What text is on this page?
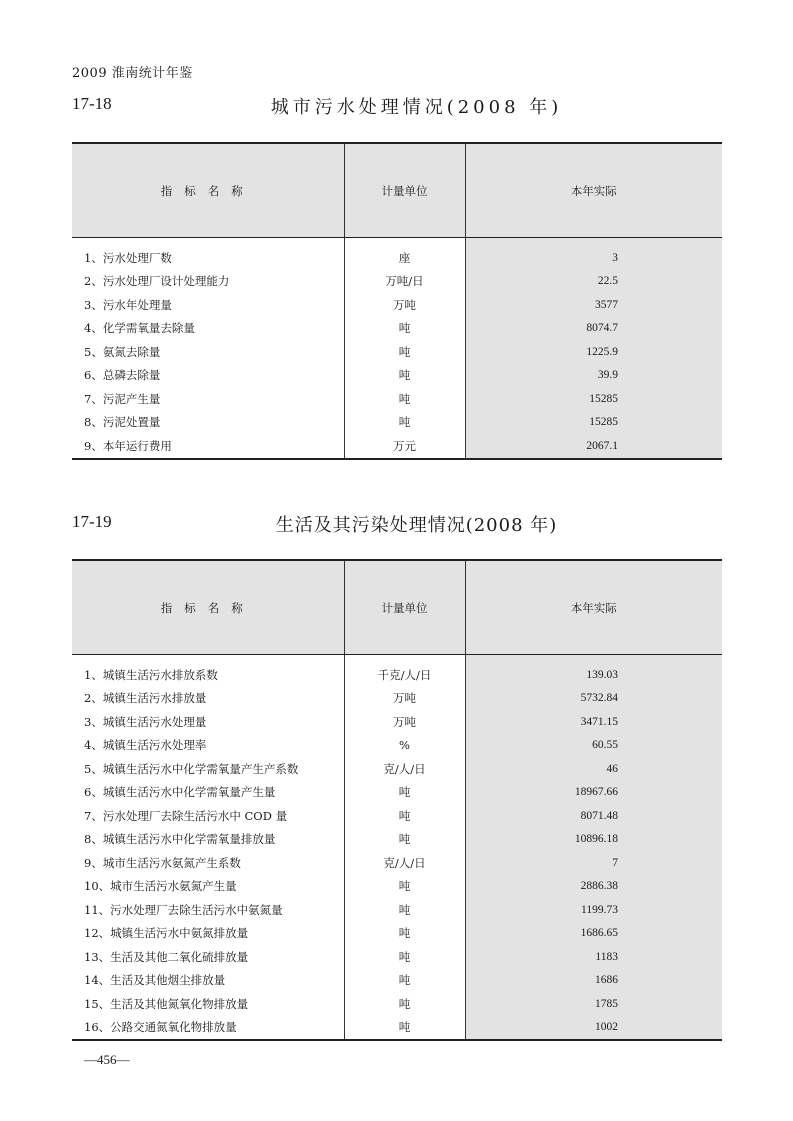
2009 淮南统计年鉴
17-18	城市污水处理情况(2008 年)
指标名称	计量单位	本年实际

1、污水处理厂数	座	3
2、污水处理厂设计处理能力	万吨/日	22.5
3、污水年处理量	万吨	3577
4、化学需氧量去除量	吨	8074.7
5、氨氮去除量	吨	1225.9
6、总磷去除量	吨	39.9
7、污泥产生量	吨	15285
8、污泥处置量	吨	15285
9、本年运行费用	万元	2067.1
17-19	生活及其污染处理情况(2008 年)
指标名称	计量单位	本年实际

1、城镇生活污水排放系数	千克/人/日	139.03
2、城镇生活污水排放量	万吨	5732.84
3、城镇生活污水处理量	万吨	3471.15
4、城镇生活污水处理率	%	60.55
5、城镇生活污水中化学需氧量产生产系数	克/人/日	46
6、城镇生活污水中化学需氧量产生量	吨	18967.66
7、污水处理厂去除生活污水中 COD 量	吨	8071.48
8、城镇生活污水中化学需氧量排放量	吨	10896.18
9、城市生活污水氨氮产生系数	克/人/日	7
10、城市生活污水氨氮产生量	吨	2886.38
11、污水处理厂去除生活污水中氨氮量	吨	1199.73
12、城镇生活污水中氨氮排放量	吨	1686.65
13、生活及其他二氧化硫排放量	吨	1183
14、生活及其他烟尘排放量	吨	1686
15、生活及其他氮氧化物排放量	吨	1785
16、公路交通氮氧化物排放量	吨	1002
—456—
